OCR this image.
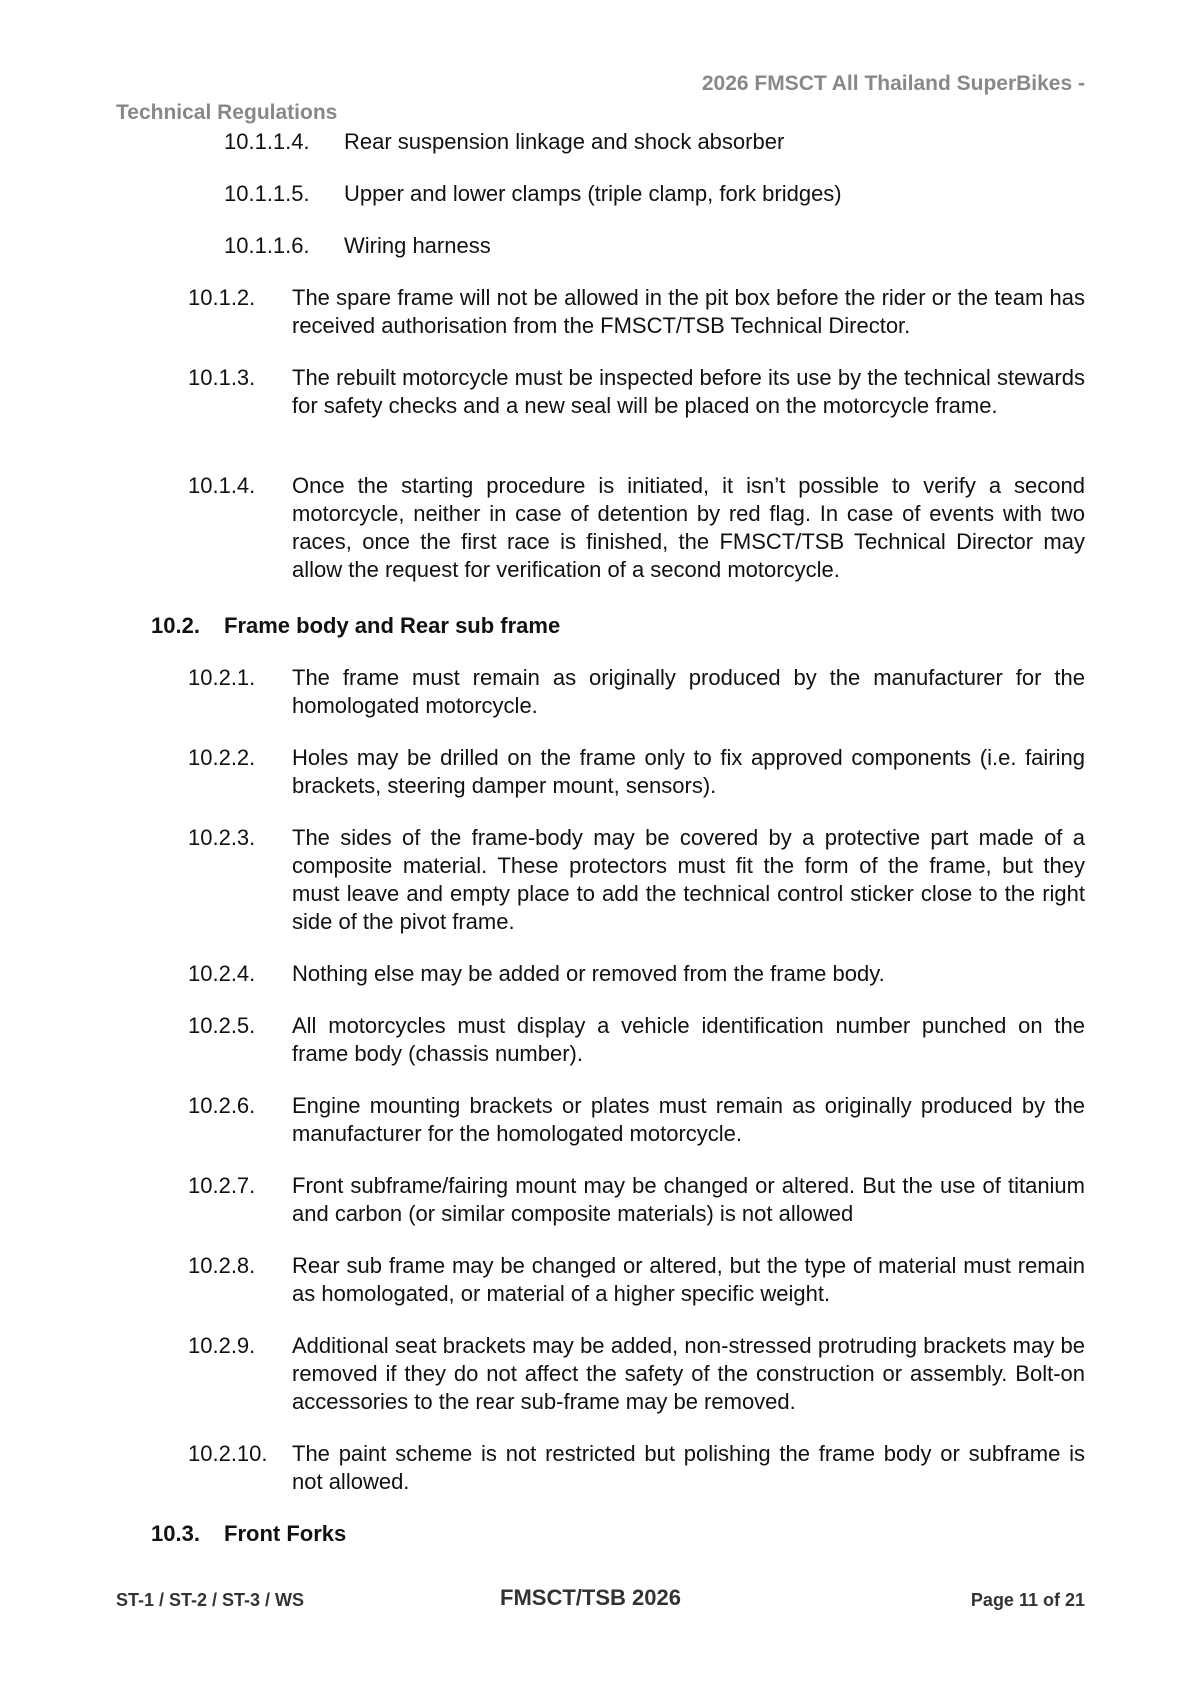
2026 FMSCT All Thailand SuperBikes -
Technical Regulations
10.1.1.4. Rear suspension linkage and shock absorber
10.1.1.5. Upper and lower clamps (triple clamp, fork bridges)
10.1.1.6. Wiring harness
10.1.2. The spare frame will not be allowed in the pit box before the rider or the team has received authorisation from the FMSCT/TSB Technical Director.
10.1.3. The rebuilt motorcycle must be inspected before its use by the technical stewards for safety checks and a new seal will be placed on the motorcycle frame.
10.1.4. Once the starting procedure is initiated, it isn’t possible to verify a second motorcycle, neither in case of detention by red flag. In case of events with two races, once the first race is finished, the FMSCT/TSB Technical Director may allow the request for verification of a second motorcycle.
10.2. Frame body and Rear sub frame
10.2.1. The frame must remain as originally produced by the manufacturer for the homologated motorcycle.
10.2.2. Holes may be drilled on the frame only to fix approved components (i.e. fairing brackets, steering damper mount, sensors).
10.2.3. The sides of the frame-body may be covered by a protective part made of a composite material. These protectors must fit the form of the frame, but they must leave and empty place to add the technical control sticker close to the right side of the pivot frame.
10.2.4. Nothing else may be added or removed from the frame body.
10.2.5. All motorcycles must display a vehicle identification number punched on the frame body (chassis number).
10.2.6. Engine mounting brackets or plates must remain as originally produced by the manufacturer for the homologated motorcycle.
10.2.7. Front subframe/fairing mount may be changed or altered. But the use of titanium and carbon (or similar composite materials) is not allowed
10.2.8. Rear sub frame may be changed or altered, but the type of material must remain as homologated, or material of a higher specific weight.
10.2.9. Additional seat brackets may be added, non-stressed protruding brackets may be removed if they do not affect the safety of the construction or assembly. Bolt-on accessories to the rear sub-frame may be removed.
10.2.10. The paint scheme is not restricted but polishing the frame body or subframe is not allowed.
10.3. Front Forks
ST-1 / ST-2 / ST-3 / WS	FMSCT/TSB 2026	Page 11 of 21
